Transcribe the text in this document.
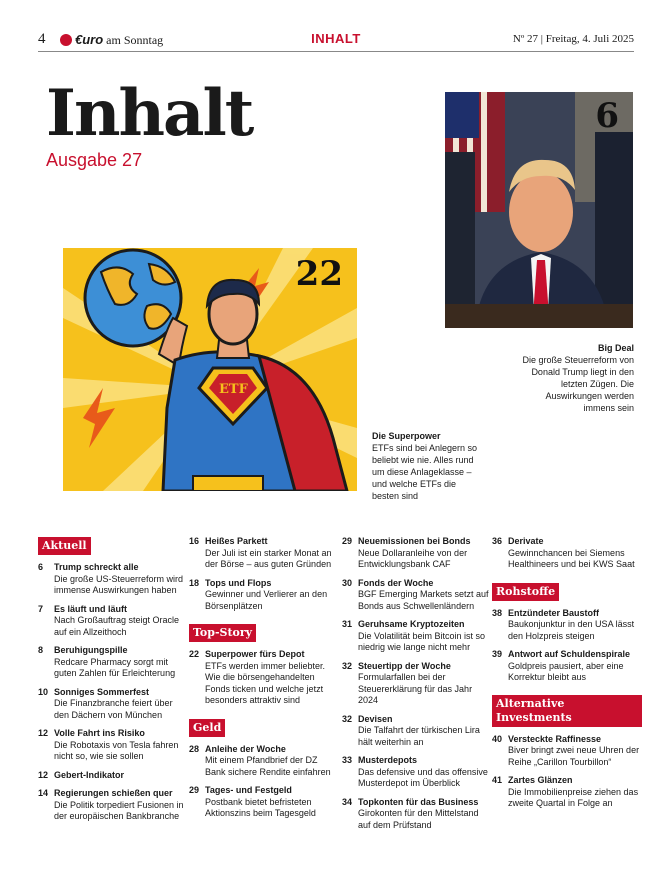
4 €uro am Sonntag	INHALT	Nº 27 | Freitag, 4. Juli 2025
Inhalt
Ausgabe 27
6
Big Deal
Die große Steuerreform von Donald Trump liegt in den letzten Zügen. Die Auswirkungen werden immens sein
22
ETF
Die Superpower
ETFs sind bei Anlegern so beliebt wie nie. Alles rund um diese Anlageklasse – und welche ETFs die besten sind
Aktuell
6	Trump schreckt alle
Die große US-Steuerreform wird immense Auswirkungen haben
7	Es läuft und läuft
Nach Großauftrag steigt Oracle auf ein Allzeithoch
8	Beruhigungspille
Redcare Pharmacy sorgt mit guten Zahlen für Erleichterung
10 Sonniges Sommerfest
Die Finanzbranche feiert über den Dächern von München
12 Volle Fahrt ins Risiko
Die Robotaxis von Tesla fahren nicht so, wie sie sollen
12 Gebert-Indikator
14 Regierungen schießen quer
Die Politik torpediert Fusionen in der europäischen Bankbranche
16 Heißes Parkett
Der Juli ist ein starker Monat an der Börse – aus guten Gründen
18 Tops und Flops
Gewinner und Verlierer an den Börsenplätzen
Top-Story
22 Superpower fürs Depot
ETFs werden immer beliebter. Wie die börsengehandelten Fonds ticken und welche jetzt besonders attraktiv sind
Geld
28 Anleihe der Woche
Mit einem Pfandbrief der DZ Bank sichere Rendite einfahren
29 Tages- und Festgeld
Postbank bietet befristeten Aktionszins beim Tagesgeld
29 Neuemissionen bei Bonds
Neue Dollaranleihe von der Entwicklungsbank CAF
30 Fonds der Woche
BGF Emerging Markets setzt auf Bonds aus Schwellenländern
31 Geruhsame Kryptozeiten
Die Volatilität beim Bitcoin ist so niedrig wie lange nicht mehr
32 Steuertipp der Woche
Formularfallen bei der Steuererklärung für das Jahr 2024
32 Devisen
Die Talfahrt der türkischen Lira hält weiterhin an
33 Musterdepots
Das defensive und das offensive Musterdepot im Überblick
34 Topkonten für das Business
Girokonten für den Mittelstand auf dem Prüfstand
36 Derivate
Gewinnchancen bei Siemens Healthineers und bei KWS Saat
Rohstoffe
38 Entzündeter Baustoff
Baukonjunktur in den USA lässt den Holzpreis steigen
39 Antwort auf Schuldenspirale
Goldpreis pausiert, aber eine Korrektur bleibt aus
Alternative Investments
40 Versteckte Raffinesse
Biver bringt zwei neue Uhren der Reihe „Carillon Tourbillon“
41 Zartes Glänzen
Die Immobilienpreise ziehen das zweite Quartal in Folge an
